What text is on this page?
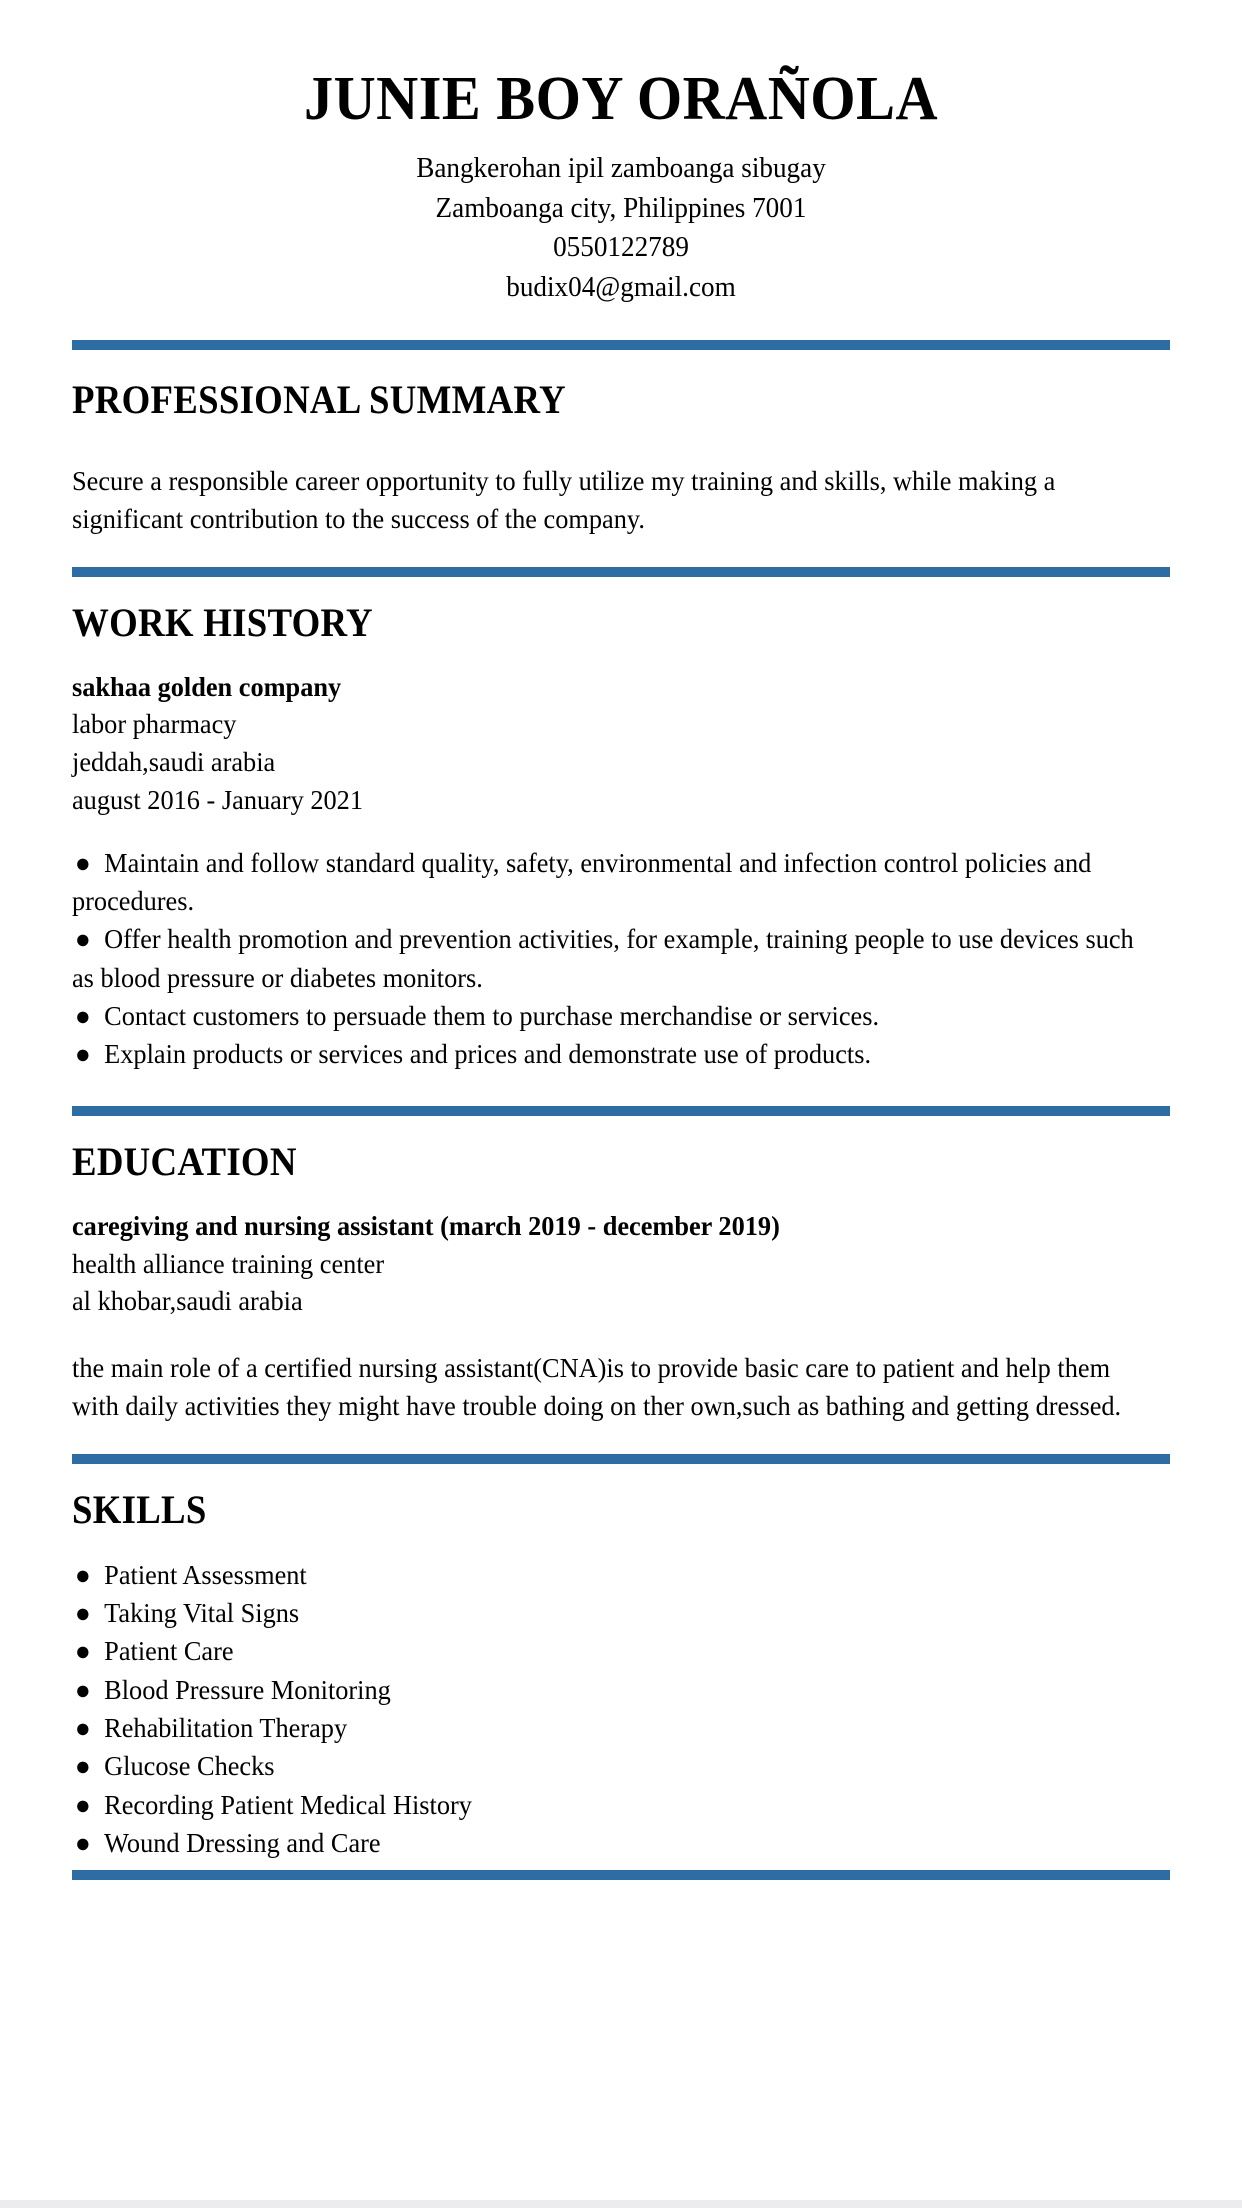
JUNIE BOY ORAÑOLA
Bangkerohan ipil zamboanga sibugay
Zamboanga city, Philippines 7001
0550122789
budix04@gmail.com
PROFESSIONAL SUMMARY
Secure a responsible career opportunity to fully utilize my training and skills, while making a significant contribution to the success of the company.
WORK HISTORY
sakhaa golden company
labor pharmacy
jeddah,saudi arabia
august 2016 - January 2021
● Maintain and follow standard quality, safety, environmental and infection control policies and procedures.
● Offer health promotion and prevention activities, for example, training people to use devices such as blood pressure or diabetes monitors.
● Contact customers to persuade them to purchase merchandise or services.
● Explain products or services and prices and demonstrate use of products.
EDUCATION
caregiving and nursing assistant (march 2019 - december 2019)
health alliance training center
al khobar,saudi arabia
the main role of a certified nursing assistant(CNA)is to provide basic care to patient and help them with daily activities they might have trouble doing on ther own,such as bathing and getting dressed.
SKILLS
● Patient Assessment
● Taking Vital Signs
● Patient Care
● Blood Pressure Monitoring
● Rehabilitation Therapy
● Glucose Checks
● Recording Patient Medical History
● Wound Dressing and Care
